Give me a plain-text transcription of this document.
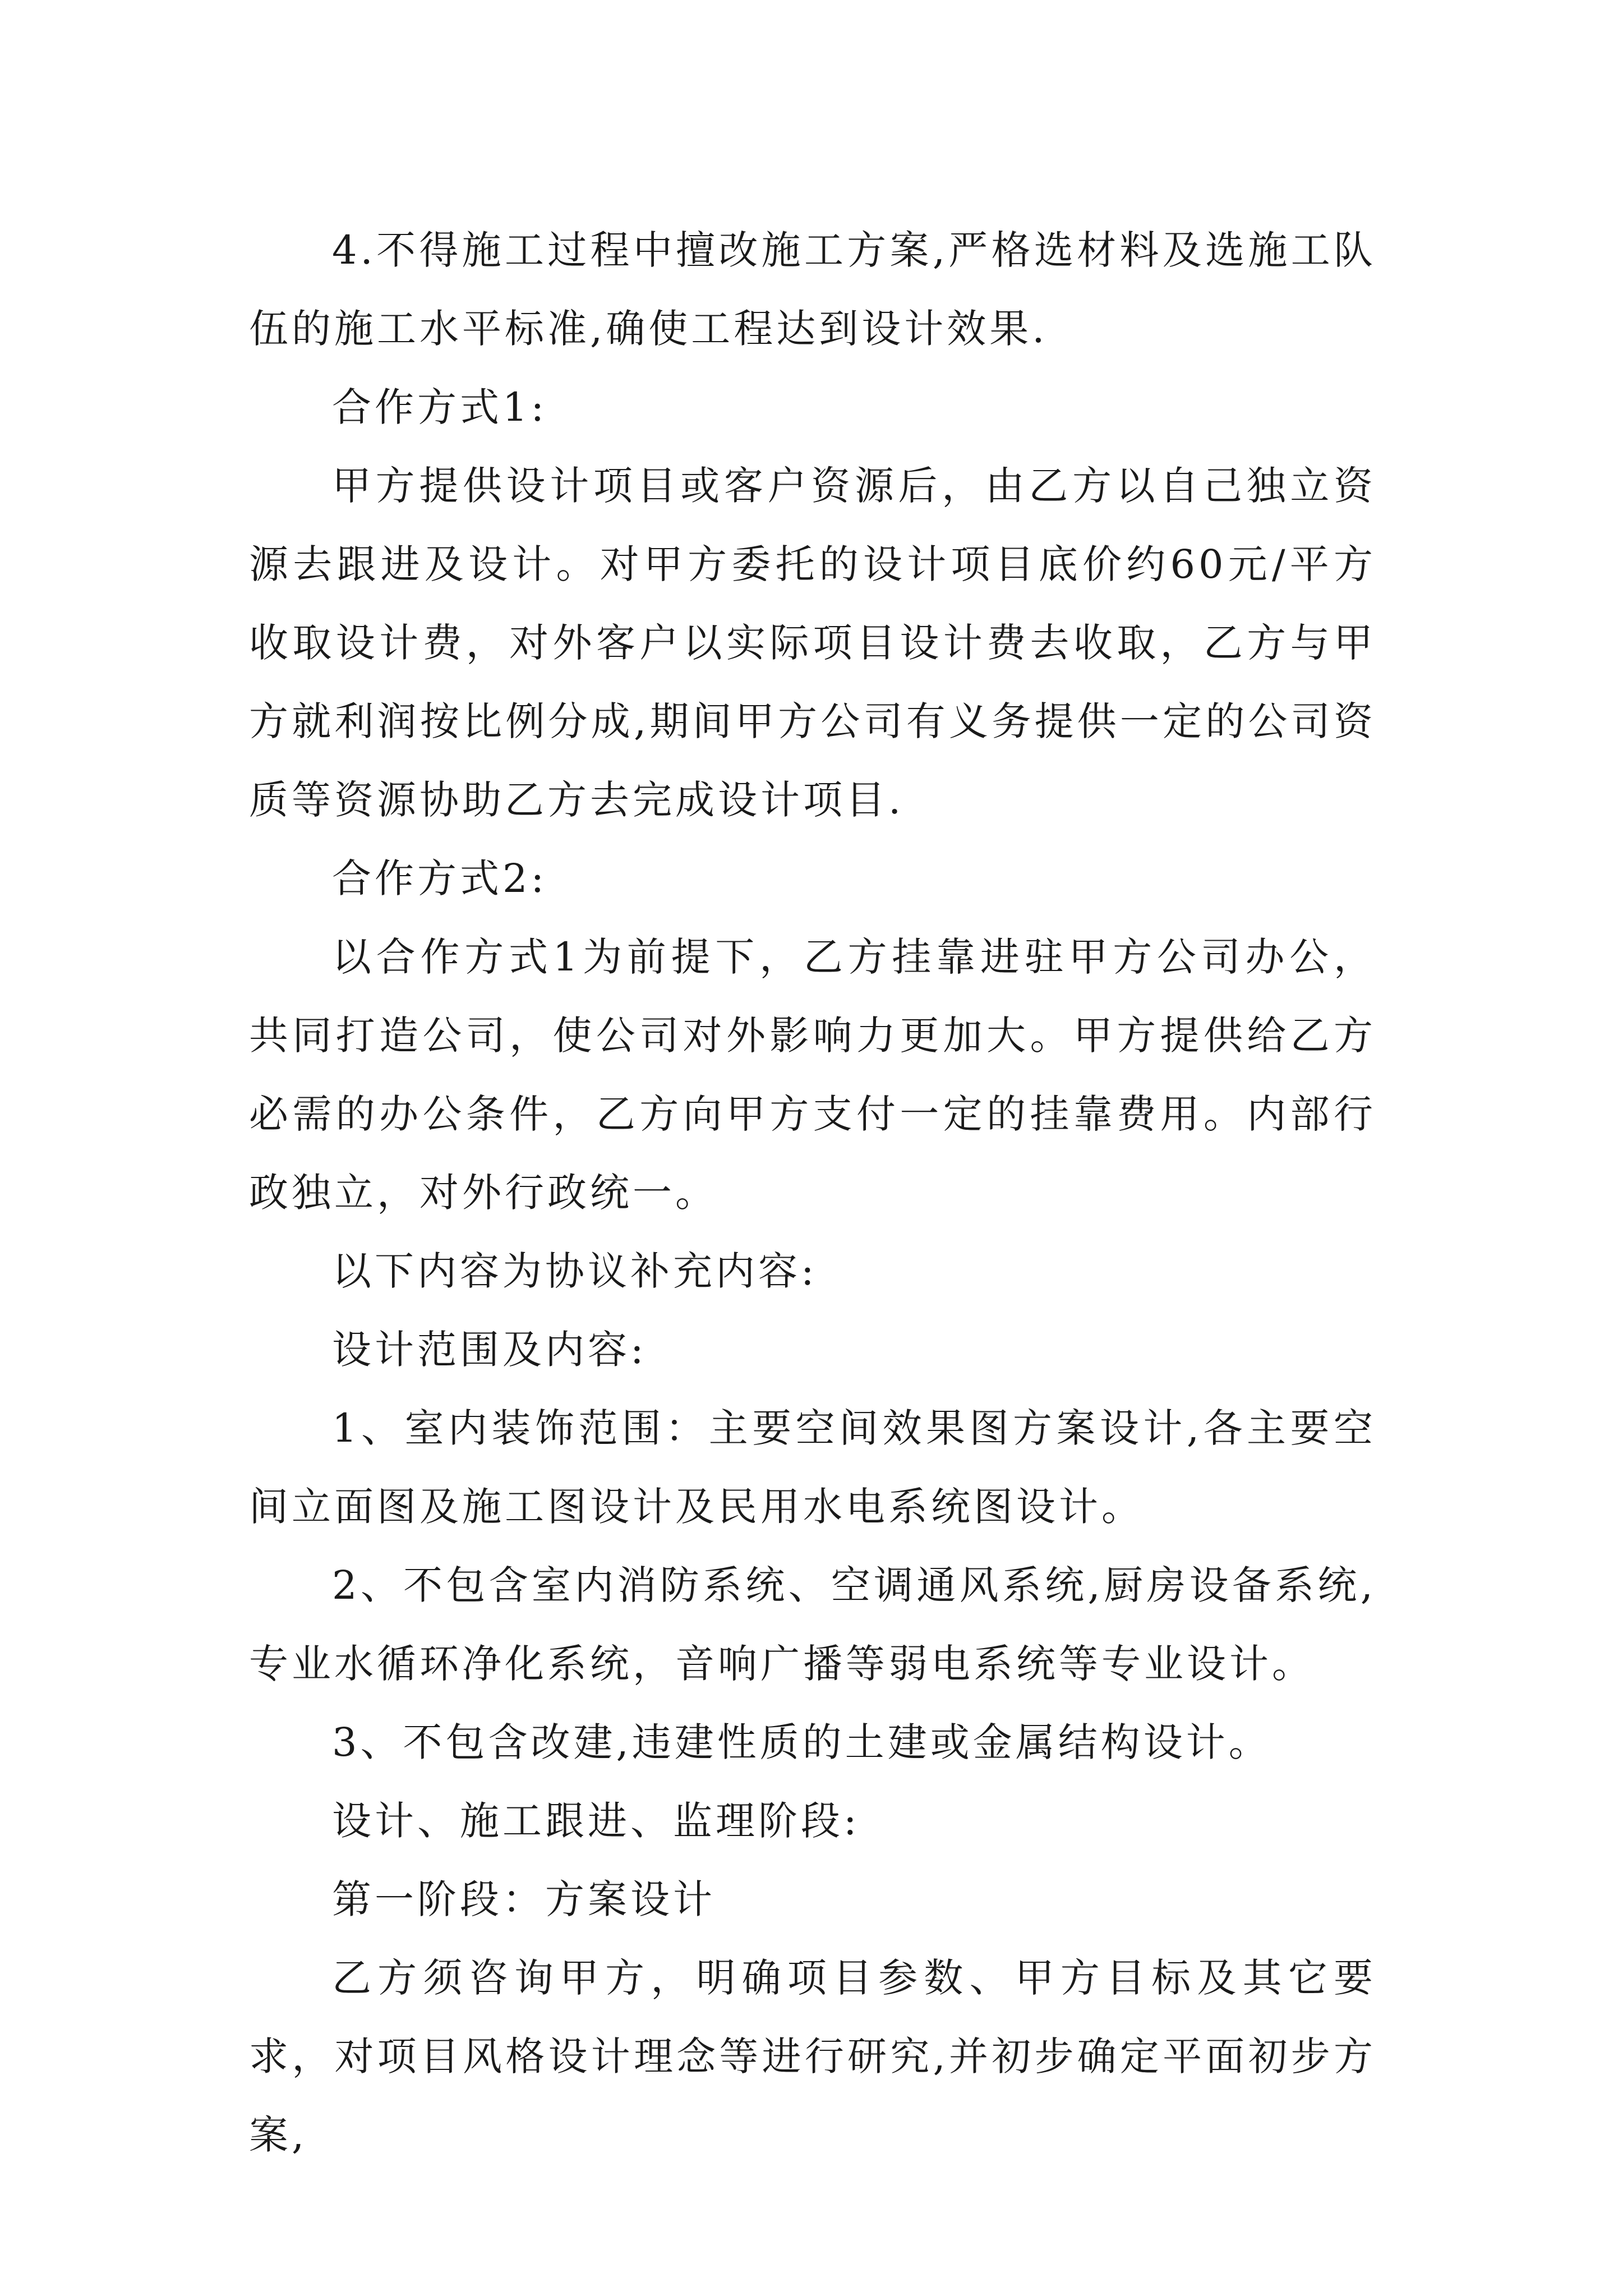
4.不得施工过程中擅改施工方案,严格选材料及选施工队伍的施工水平标准,确使工程达到设计效果.

合作方式1:

甲方提供设计项目或客户资源后，由乙方以自己独立资源去跟进及设计。对甲方委托的设计项目底价约60元/平方收取设计费，对外客户以实际项目设计费去收取，乙方与甲方就利润按比例分成,期间甲方公司有义务提供一定的公司资质等资源协助乙方去完成设计项目.

合作方式2:

以合作方式1为前提下，乙方挂靠进驻甲方公司办公，共同打造公司，使公司对外影响力更加大。甲方提供给乙方必需的办公条件，乙方向甲方支付一定的挂靠费用。内部行政独立，对外行政统一。

以下内容为协议补充内容:

设计范围及内容:

1、室内装饰范围：主要空间效果图方案设计,各主要空间立面图及施工图设计及民用水电系统图设计。

2、不包含室内消防系统、空调通风系统,厨房设备系统,专业水循环净化系统，音响广播等弱电系统等专业设计。

3、不包含改建,违建性质的土建或金属结构设计。

设计、施工跟进、监理阶段:

第一阶段：方案设计

乙方须咨询甲方，明确项目参数、甲方目标及其它要求，对项目风格设计理念等进行研究,并初步确定平面初步方案,
